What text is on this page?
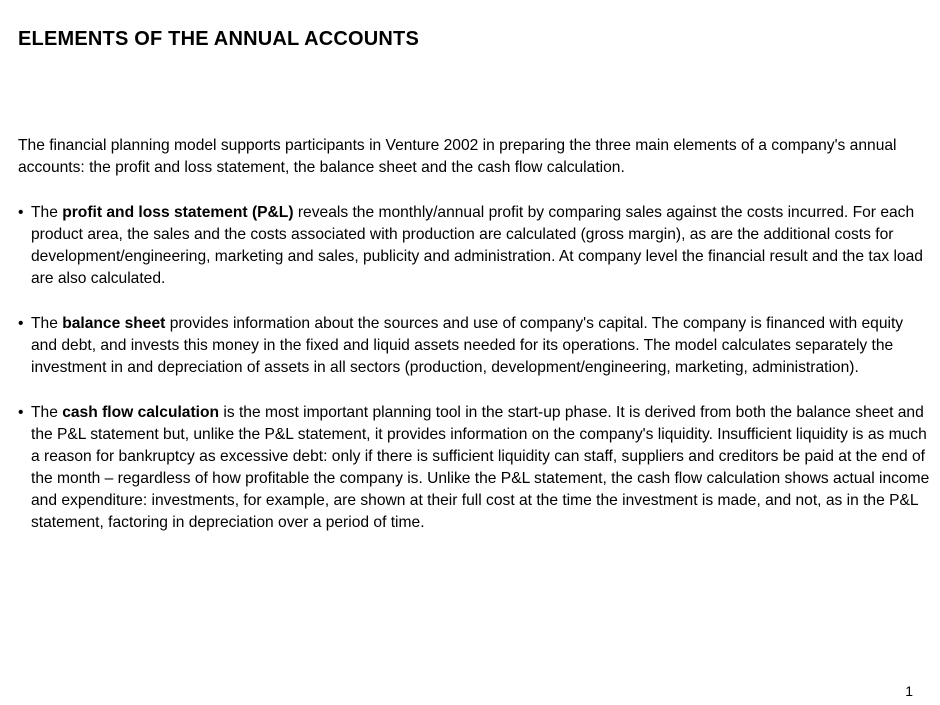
ELEMENTS OF THE ANNUAL ACCOUNTS

The financial planning model supports participants in Venture 2002 in preparing the three main elements of a company's annual accounts: the profit and loss statement, the balance sheet and the cash flow calculation.

• The profit and loss statement (P&L) reveals the monthly/annual profit by comparing sales against the costs incurred. For each product area, the sales and the costs associated with production are calculated (gross margin), as are the additional costs for development/engineering, marketing and sales, publicity and administration. At company level the financial result and the tax load are also calculated.
• The balance sheet provides information about the sources and use of company's capital. The company is financed with equity and debt, and invests this money in the fixed and liquid assets needed for its operations. The model calculates separately the investment in and depreciation of assets in all sectors (production, development/engineering, marketing, administration).
• The cash flow calculation is the most important planning tool in the start-up phase. It is derived from both the balance sheet and the P&L statement but, unlike the P&L statement, it provides information on the company's liquidity. Insufficient liquidity is as much a reason for bankruptcy as excessive debt: only if there is sufficient liquidity can staff, suppliers and creditors be paid at the end of the month – regardless of how profitable the company is. Unlike the P&L statement, the cash flow calculation shows actual income and expenditure: investments, for example, are shown at their full cost at the time the investment is made, and not, as in the P&L statement, factoring in depreciation over a period of time.
1
